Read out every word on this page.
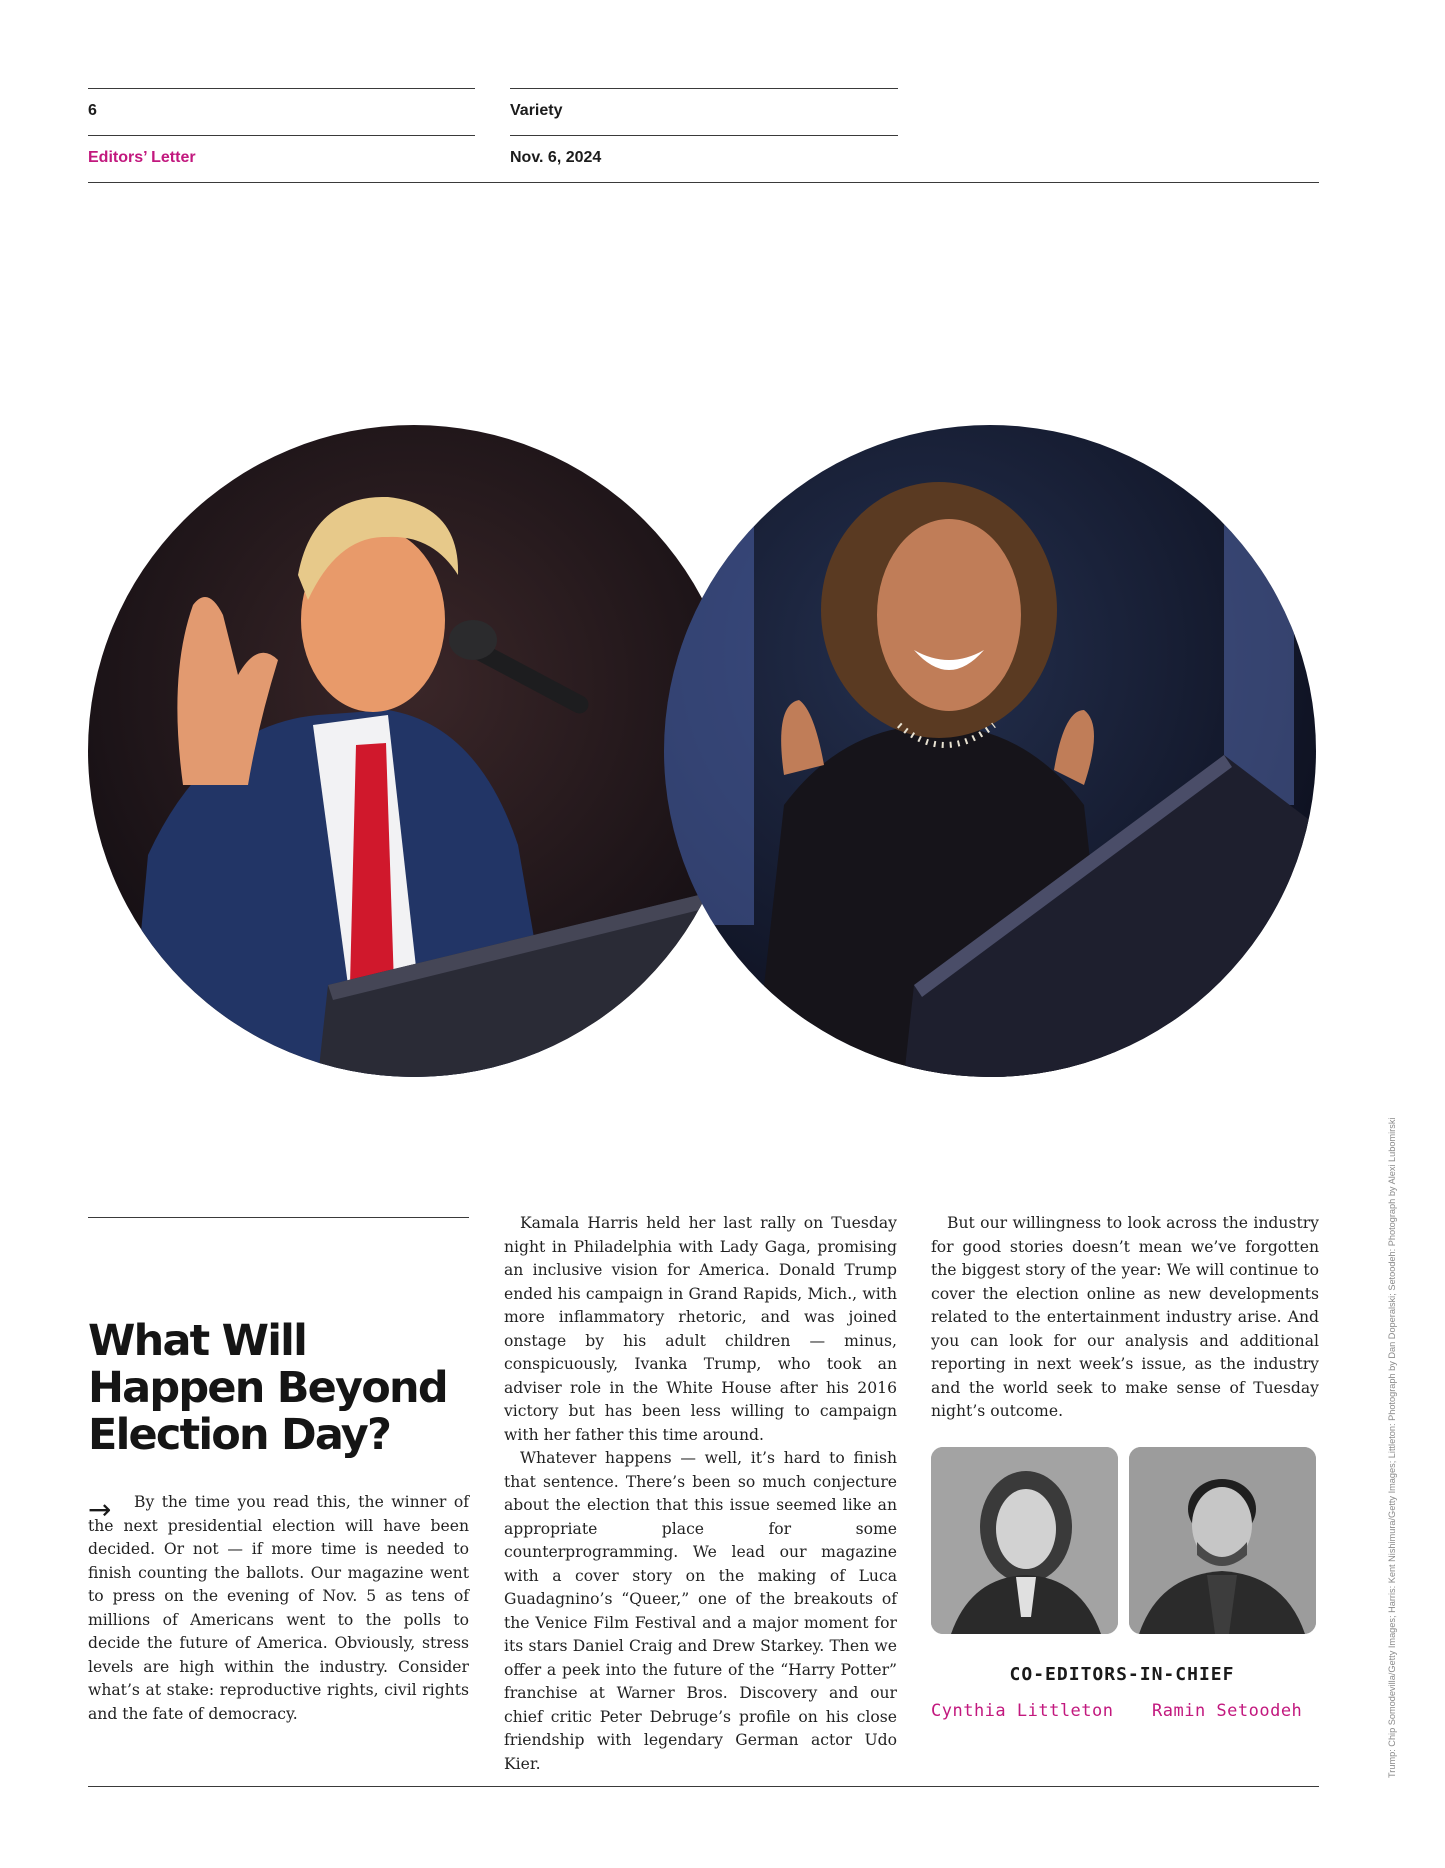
6	Variety
Editors’ Letter	Nov. 6, 2024
What Will
Happen Beyond
Election Day?
→	By the time you read this, the winner of the next presidential election will have been decided. Or not — if more time is needed to finish counting the ballots. Our magazine went to press on the evening of Nov. 5 as tens of millions of Americans went to the polls to decide the future of America. Obviously, stress levels are high within the industry. Consider what’s at stake: reproductive rights, civil rights and the fate of democracy.

Kamala Harris held her last rally on Tuesday night in Philadelphia with Lady Gaga, promising an inclusive vision for America. Donald Trump ended his campaign in Grand Rapids, Mich., with more inflammatory rhetoric, and was joined onstage by his adult children — minus, conspicuously, Ivanka Trump, who took an adviser role in the White House after his 2016 victory but has been less willing to campaign with her father this time around.

Whatever happens — well, it’s hard to finish that sentence. There’s been so much conjecture about the election that this issue seemed like an appropriate place for some counterprogramming. We lead our magazine with a cover story on the making of Luca Guadagnino’s “Queer,” one of the breakouts of the Venice Film Festival and a major moment for its stars Daniel Craig and Drew Starkey. Then we offer a peek into the future of the “Harry Potter” franchise at Warner Bros. Discovery and our chief critic Peter Debruge’s profile on his close friendship with legendary German actor Udo Kier.

But our willingness to look across the industry for good stories doesn’t mean we’ve forgotten the biggest story of the year: We will continue to cover the election online as new developments related to the entertainment industry arise. And you can look for our analysis and additional reporting in next week’s issue, as the industry and the world seek to make sense of Tuesday night’s outcome.

CO-EDITORS-IN-CHIEF
Cynthia Littleton Ramin Setoodeh	Trump: Chip Somodevilla/Getty Images; Harris: Kent Nishimura/Getty Images; Littleton: Photograph by Dan Doperalski; Setoodeh: Photograph by Alexi Lubomirski
